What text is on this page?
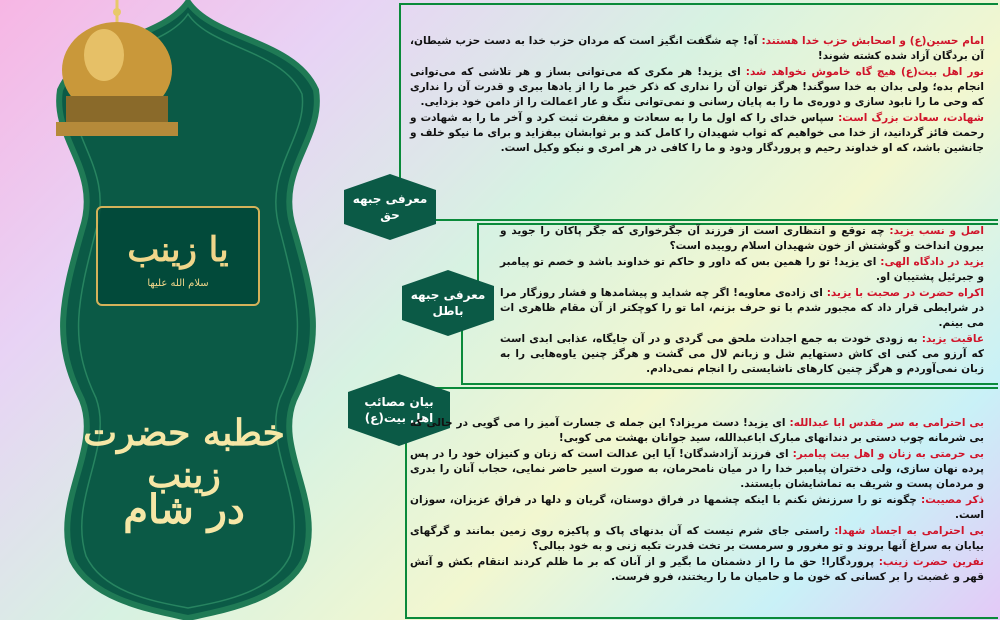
یا زینب
سلام الله علیها
خطبه حضرت زینب
در شام
معرفی جبهه حق
معرفی جبهه باطل
بیان مصائب اهل بیت(ع)

امام حسین(ع) و اصحابش حزب خدا هستند: آه! چه شگفت انگیز است که مردان حزب خدا به دست حزب شیطان، آن بردگان آزاد شده کشته شوند!

نور اهل بیت(ع) هیچ گاه خاموش نخواهد شد: ای یزید! هر مکری که می‌توانی بساز و هر تلاشی که می‌توانی انجام بده؛ ولی بدان به خدا سوگند! هرگز توان آن را نداری که ذکر خیر ما را از یادها ببری و قدرت آن را نداری که وحی ما را نابود سازی و دوره‌ی ما را به پایان رسانی و نمی‌توانی ننگ و عار اعمالت را از دامن خود بزدایی.

شهادت، سعادت بزرگ است: سپاس خدای را که اول ما را به سعادت و مغفرت ثبت کرد و آخر ما را به شهادت و رحمت فائز گردانید، از خدا می خواهیم که ثواب شهیدان را کامل کند و بر ثوابشان بیفزاید و برای ما نیکو خلف و جانشین باشد، که او خداوند رحیم و پروردگار ودود و ما را کافی در هر امری و نیکو وکیل است.

اصل و نسب یزید: چه توقع و انتظاری است از فرزند آن جگرخواری که جگر پاکان را جوید و بیرون انداخت و گوشتش از خون شهیدان اسلام رو‌ییده است؟

یزید در دادگاه الهی: ای یزید! تو را همین بس که داور و حاکم تو خداوند باشد و خصم تو پیامبر و جبرئیل پشتیبان او.

اکراه حضرت در صحبت با یزید: ای زاده‌ی معاویه! اگر چه شداید و پیشامدها و فشار روزگار مرا در شرایطی قرار داد که مجبور شدم با تو حرف بزنم، اما تو را کوچکتر از آن مقام ظاهری ات می بینم.

عاقبت یزید: به زودی خودت به جمع اجدادت ملحق می گردی و در آن جایگاه، عذابی ابدی است که آرزو می کنی ای کاش دستهایم شل و زبانم لال می گشت و هرگز چنین یاوه‌هایی را به زبان نمی‌آوردم و هرگز چنین کارهای ناشایستی را انجام نمی‌دادم.

بی احترامی به سر مقدس ابا عبدالله: ای یزید! دست مریزاد؟ این جمله ی جسارت آمیز را می گویی در حالی که بی شرمانه چوب دستی بر دندانهای مبارک اباعبدالله، سید جوانان بهشت می کوبی!

بی حرمتی به زنان و اهل بیت پیامبر: ای فرزند آزادشدگان! آیا این عدالت است که زنان و کنیزان خود را در پس پرده نهان سازی، ولی دختران پیامبر خدا را در میان نامحرمان، به صورت اسیر حاضر نمایی، حجاب آنان را بدری و مردمان پست و شریف به تماشایشان بایستند.

ذکر مصیبت: چگونه تو را سرزنش نکنم با اینکه چشمها در فراق دوستان، گریان و دلها در فراق عزیزان، سوزان است.

بی احترامی به اجساد شهدا: راستی جای شرم نیست که آن بدنهای پاک و پاکیزه روی زمین بمانند و گرگهای بیابان به سراغ آنها بروند و تو مغرور و سرمست بر تخت قدرت تکیه زنی و به خود ببالی؟

نفرین حضرت زینب: پروردگارا! حق ما را از دشمنان ما بگیر و از آنان که بر ما ظلم کردند انتقام بکش و آتش قهر و غضبت را بر کسانی که خون ما و حامیان ما را ریختند، فرو فرست.
